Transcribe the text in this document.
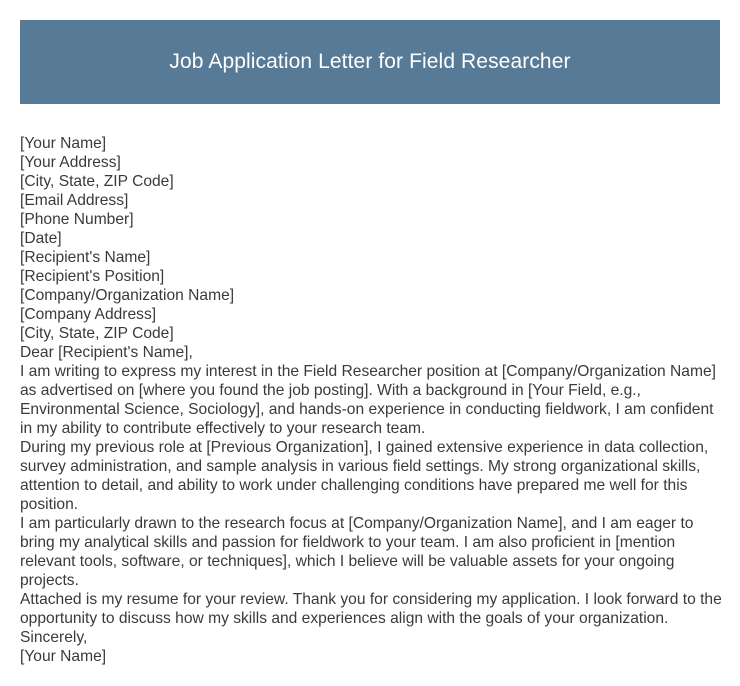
Job Application Letter for Field Researcher
[Your Name]
[Your Address]
[City, State, ZIP Code]
[Email Address]
[Phone Number]
[Date]
[Recipient's Name]
[Recipient's Position]
[Company/Organization Name]
[Company Address]
[City, State, ZIP Code]
Dear [Recipient's Name],
I am writing to express my interest in the Field Researcher position at [Company/Organization Name] as advertised on [where you found the job posting]. With a background in [Your Field, e.g., Environmental Science, Sociology], and hands-on experience in conducting fieldwork, I am confident in my ability to contribute effectively to your research team.
During my previous role at [Previous Organization], I gained extensive experience in data collection, survey administration, and sample analysis in various field settings. My strong organizational skills, attention to detail, and ability to work under challenging conditions have prepared me well for this position.
I am particularly drawn to the research focus at [Company/Organization Name], and I am eager to bring my analytical skills and passion for fieldwork to your team. I am also proficient in [mention relevant tools, software, or techniques], which I believe will be valuable assets for your ongoing projects.
Attached is my resume for your review. Thank you for considering my application. I look forward to the opportunity to discuss how my skills and experiences align with the goals of your organization.
Sincerely,
[Your Name]
